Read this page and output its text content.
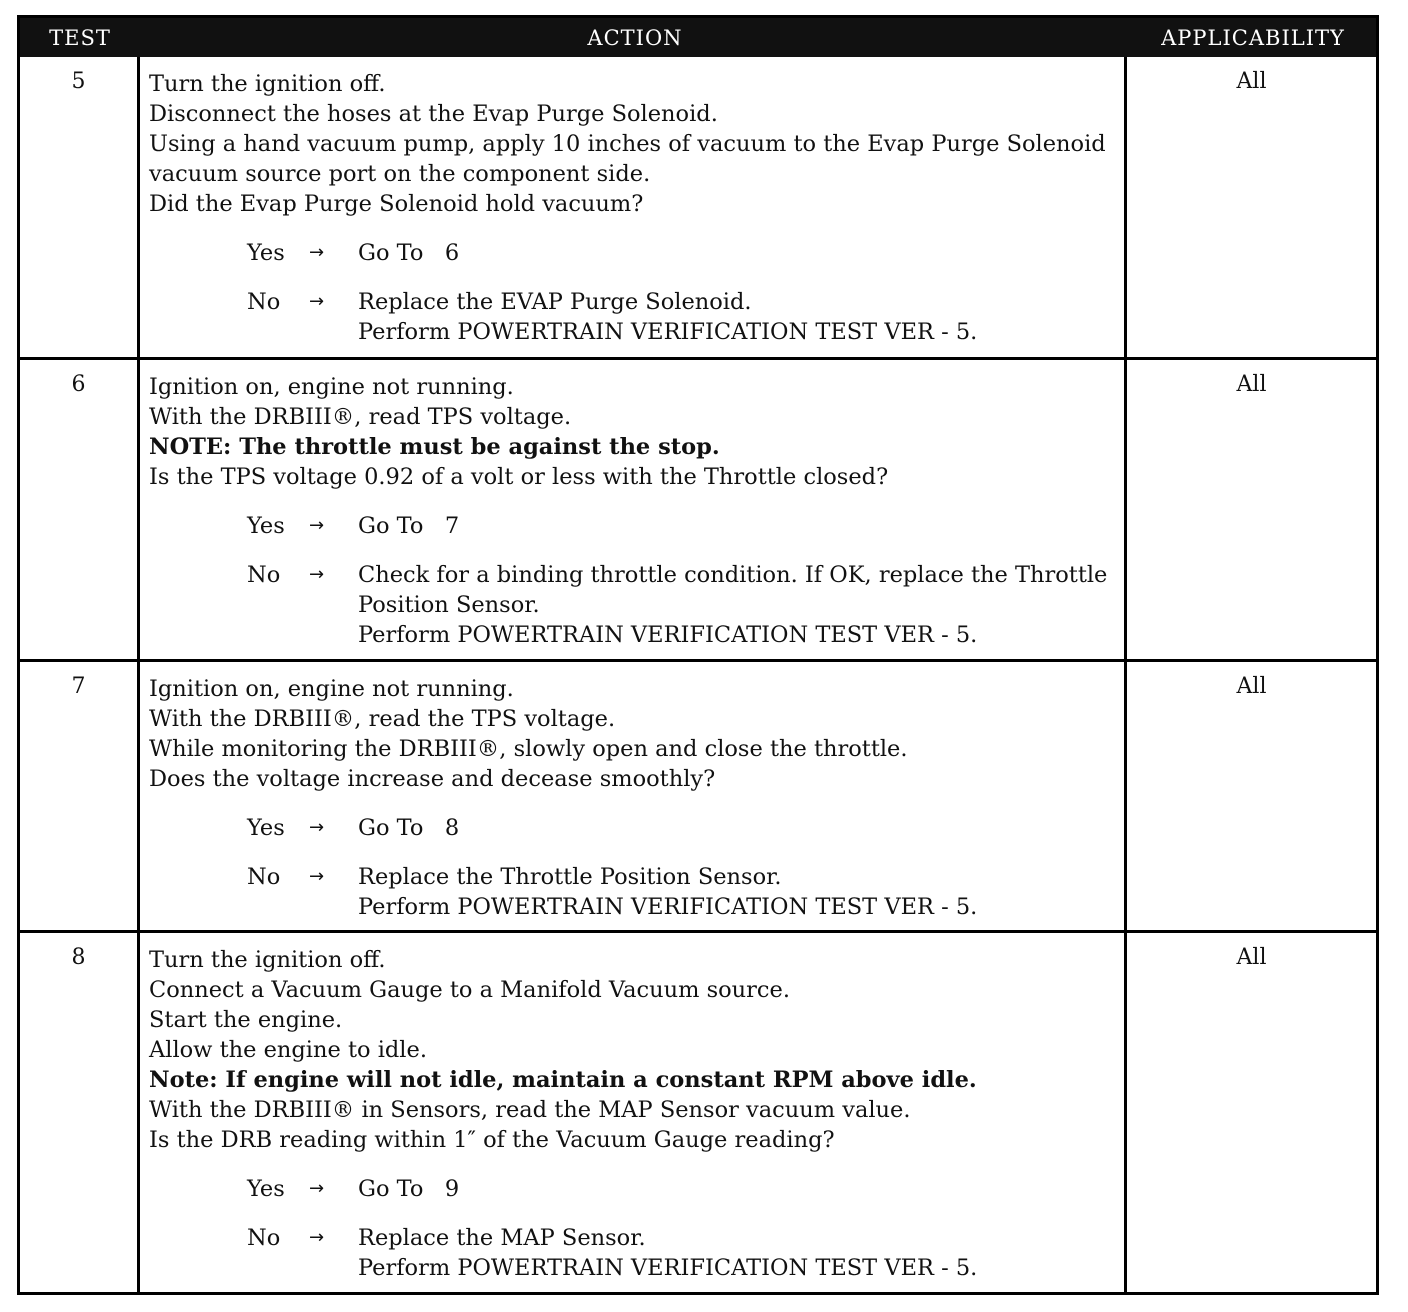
TEST	ACTION	APPLICABILITY
5	Turn the ignition off.
Disconnect the hoses at the Evap Purge Solenoid.
Using a hand vacuum pump, apply 10 inches of vacuum to the Evap Purge Solenoid
vacuum source port on the component side.
Did the Evap Purge Solenoid hold vacuum?
Yes → Go To   6
No → Replace the EVAP Purge Solenoid.
Perform POWERTRAIN VERIFICATION TEST VER - 5.
All
6	Ignition on, engine not running.
With the DRBIII®, read TPS voltage.
NOTE: The throttle must be against the stop.
Is the TPS voltage 0.92 of a volt or less with the Throttle closed?
Yes → Go To   7
No → Check for a binding throttle condition. If OK, replace the Throttle
Position Sensor.
Perform POWERTRAIN VERIFICATION TEST VER - 5.
All
7	Ignition on, engine not running.
With the DRBIII®, read the TPS voltage.
While monitoring the DRBIII®, slowly open and close the throttle.
Does the voltage increase and decease smoothly?
Yes → Go To   8
No → Replace the Throttle Position Sensor.
Perform POWERTRAIN VERIFICATION TEST VER - 5.
All
8	Turn the ignition off.
Connect a Vacuum Gauge to a Manifold Vacuum source.
Start the engine.
Allow the engine to idle.
Note: If engine will not idle, maintain a constant RPM above idle.
With the DRBIII® in Sensors, read the MAP Sensor vacuum value.
Is the DRB reading within 1″ of the Vacuum Gauge reading?
Yes → Go To   9
No → Replace the MAP Sensor.
Perform POWERTRAIN VERIFICATION TEST VER - 5.
All
